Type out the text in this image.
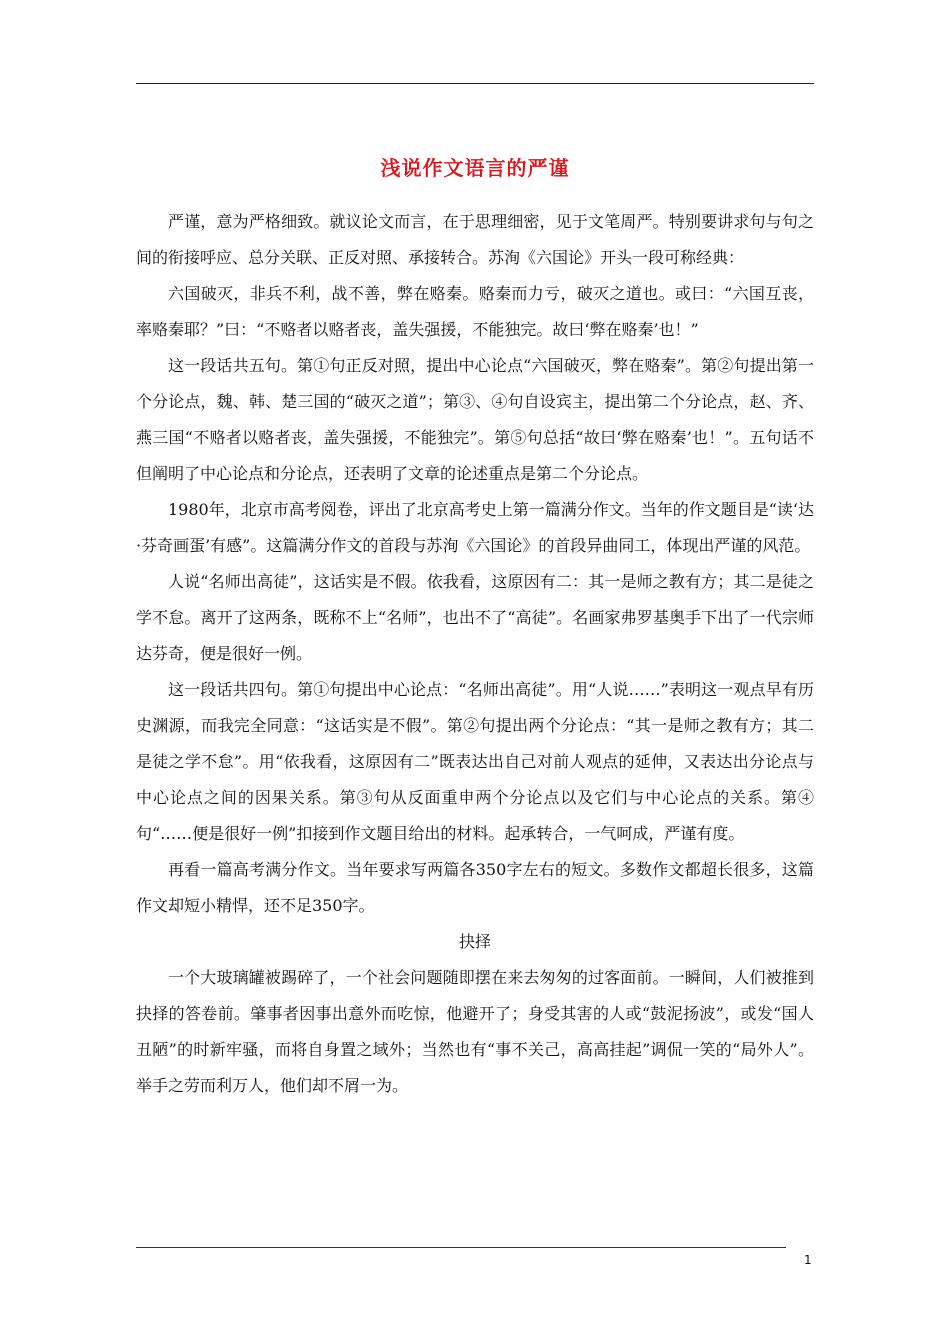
浅说作文语言的严谨

严谨，意为严格细致。就议论文而言，在于思理细密，见于文笔周严。特别要讲求句与句之间的衔接呼应、总分关联、正反对照、承接转合。苏洵《六国论》开头一段可称经典：

六国破灭，非兵不利，战不善，弊在赂秦。赂秦而力亏，破灭之道也。或曰：“六国互丧，率赂秦耶？”曰：“不赂者以赂者丧，盖失强援，不能独完。故曰‘弊在赂秦’也！”

这一段话共五句。第①句正反对照，提出中心论点“六国破灭，弊在赂秦”。第②句提出第一个分论点，魏、韩、楚三国的“破灭之道”；第③、④句自设宾主，提出第二个分论点，赵、齐、燕三国“不赂者以赂者丧，盖失强援，不能独完”。第⑤句总括“故曰‘弊在赂秦’也！”。五句话不但阐明了中心论点和分论点，还表明了文章的论述重点是第二个分论点。

1980年，北京市高考阅卷，评出了北京高考史上第一篇满分作文。当年的作文题目是“读‘达·芬奇画蛋’有感”。这篇满分作文的首段与苏洵《六国论》的首段异曲同工，体现出严谨的风范。

人说“名师出高徒”，这话实是不假。依我看，这原因有二：其一是师之教有方；其二是徒之学不怠。离开了这两条，既称不上“名师”，也出不了“高徒”。名画家弗罗基奥手下出了一代宗师达芬奇，便是很好一例。

这一段话共四句。第①句提出中心论点：“名师出高徒”。用“人说……”表明这一观点早有历史渊源，而我完全同意：“这话实是不假”。第②句提出两个分论点：“其一是师之教有方；其二是徒之学不怠”。用“依我看，这原因有二”既表达出自己对前人观点的延伸，又表达出分论点与中心论点之间的因果关系。第③句从反面重申两个分论点以及它们与中心论点的关系。第④句“……便是很好一例”扣接到作文题目给出的材料。起承转合，一气呵成，严谨有度。

再看一篇高考满分作文。当年要求写两篇各350字左右的短文。多数作文都超长很多，这篇作文却短小精悍，还不足350字。

抉择

一个大玻璃罐被踢碎了，一个社会问题随即摆在来去匆匆的过客面前。一瞬间，人们被推到抉择的答卷前。肇事者因事出意外而吃惊，他避开了；身受其害的人或“鼓泥扬波”，或发“国人丑陋”的时新牢骚，而将自身置之域外；当然也有“事不关己，高高挂起”调侃一笑的“局外人”。举手之劳而利万人，他们却不屑一为。

1
